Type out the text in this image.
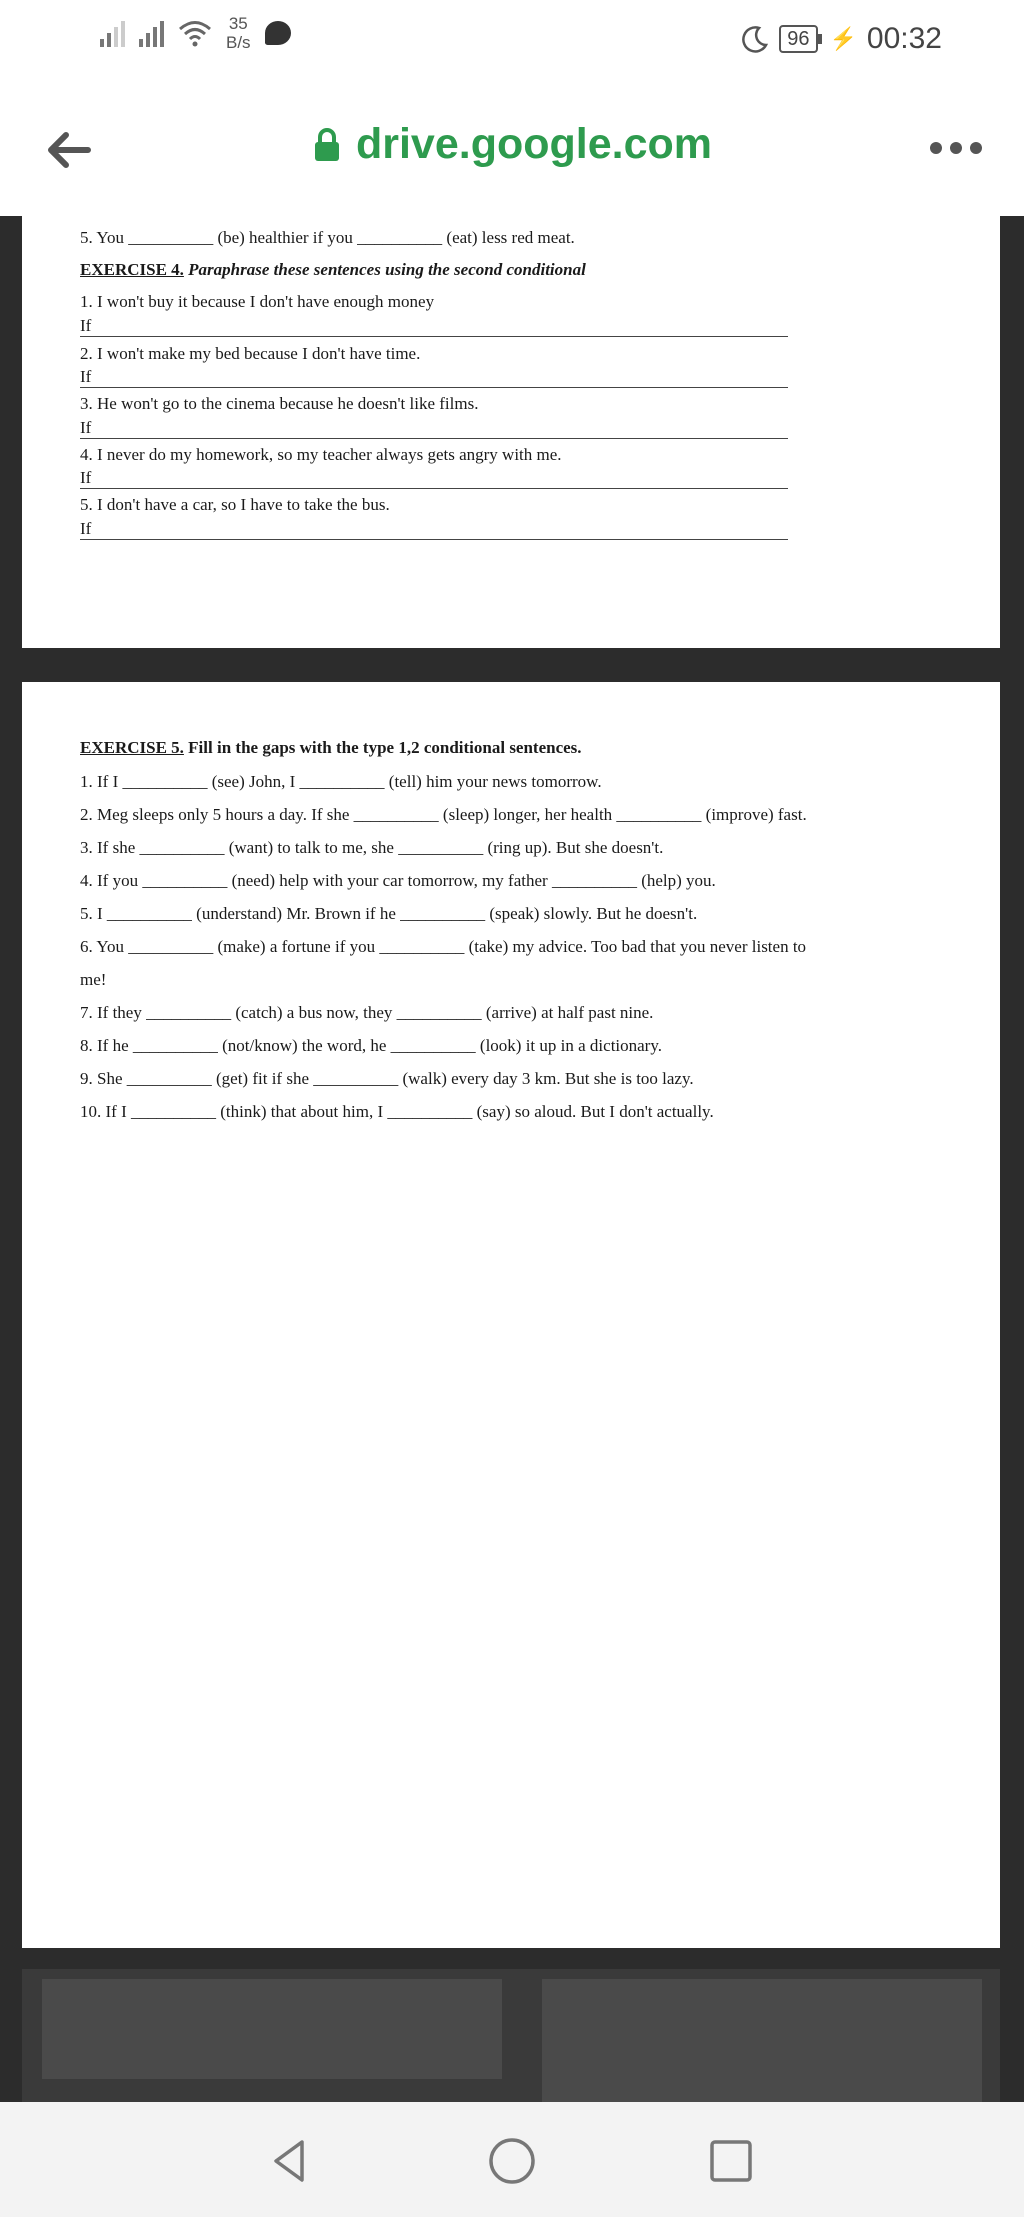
35
B/s	96 ⚡ 00:32
drive.google.com
5. You __________ (be) healthier if you __________ (eat) less red meat.
EXERCISE 4. Paraphrase these sentences using the second conditional
1. I won't buy it because I don't have enough money
If
2. I won't make my bed because I don't have time.
If
3. He won't go to the cinema because he doesn't like films.
If
4. I never do my homework, so my teacher always gets angry with me.
If
5. I don't have a car, so I have to take the bus.
If
EXERCISE 5. Fill in the gaps with the type 1,2 conditional sentences.
1. If I __________ (see) John, I __________ (tell) him your news tomorrow.
2. Meg sleeps only 5 hours a day. If she __________ (sleep) longer, her health __________ (improve) fast.
3. If she __________ (want) to talk to me, she __________ (ring up). But she doesn't.
4. If you __________ (need) help with your car tomorrow, my father __________ (help) you.
5. I __________ (understand) Mr. Brown if he __________ (speak) slowly. But he doesn't.
6. You __________ (make) a fortune if you __________ (take) my advice. Too bad that you never listen to
me!
7. If they __________ (catch) a bus now, they __________ (arrive) at half past nine.
8. If he __________ (not/know) the word, he __________ (look) it up in a dictionary.
9. She __________ (get) fit if she __________ (walk) every day 3 km. But she is too lazy.
10. If I __________ (think) that about him, I __________ (say) so aloud. But I don't actually.
